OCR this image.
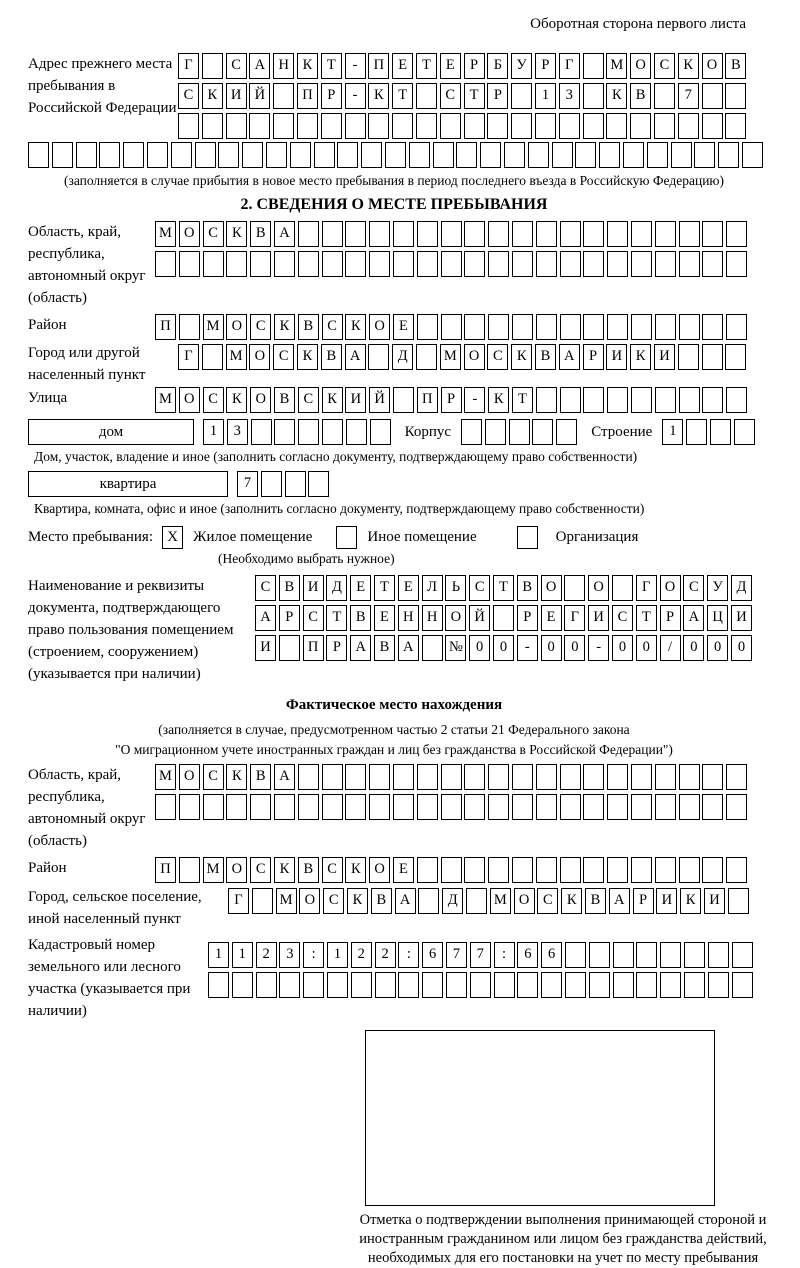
Оборотная сторона первого листа
Адрес прежнего места пребывания в Российской Федерации
Г	С А Н К	Т	-	П Е	Т	Е	Р	Б	У	Р	Г	М О С К О В
С К И Й	П	Р	-	К	Т	С	Т	Р	1	3	К В	7
(заполняется в случае прибытия в новое место пребывания в период последнего въезда в Российскую Федерацию)
2. СВЕДЕНИЯ О МЕСТЕ ПРЕБЫВАНИЯ
Область, край, республика, автономный округ (область)
М О С К В А
Район	П	М О С К В С К О Е
Город или другой населенный пункт
Г	М О С К В А	Д	М О С К В А	Р	И К И
Улица	М О С К О В С К И Й	П	Р	-	К	Т
дом	1	3	Корпус	Строение	1
Дом, участок, владение и иное (заполнить согласно документу, подтверждающему право собственности)
квартира	7
Квартира, комната, офис и иное (заполнить согласно документу, подтверждающему право собственности)
Место пребывания: X	Жилое помещение	Иное помещение	Организация
(Необходимо выбрать нужное)
Наименование и реквизиты документа, подтверждающего право пользования помещением (строением, сооружением) (указывается при наличии)
С В И Д Е	Т	Е Л	Ь	С	Т	В О	О	Г О С У Д
А	Р	С	Т	В	Е Н Н О Й	Р	Е	Г И С	Т	Р	А Ц И
И	П	Р	А В А	№ 0	0	-	0	0	-	0	0	/	0	0	0
Фактическое место нахождения
(заполняется в случае, предусмотренном частью 2 статьи 21 Федерального закона
"О миграционном учете иностранных граждан и лиц без гражданства в Российской Федерации")
Область, край, республика, автономный округ (область)
М О С К В А
Район	П	М О С К В С К О Е
Город, сельское поселение, иной населенный пункт
Г	М О С К В А	Д	М О С К В А	Р	И К И
Кадастровый номер земельного или лесного участка (указывается при наличии)
1	1	2	3	:	1	2	2	:	6	7	7	:	6	6
Отметка о подтверждении выполнения принимающей стороной и иностранным гражданином или лицом без гражданства действий, необходимых для его постановки на учет по месту пребывания
